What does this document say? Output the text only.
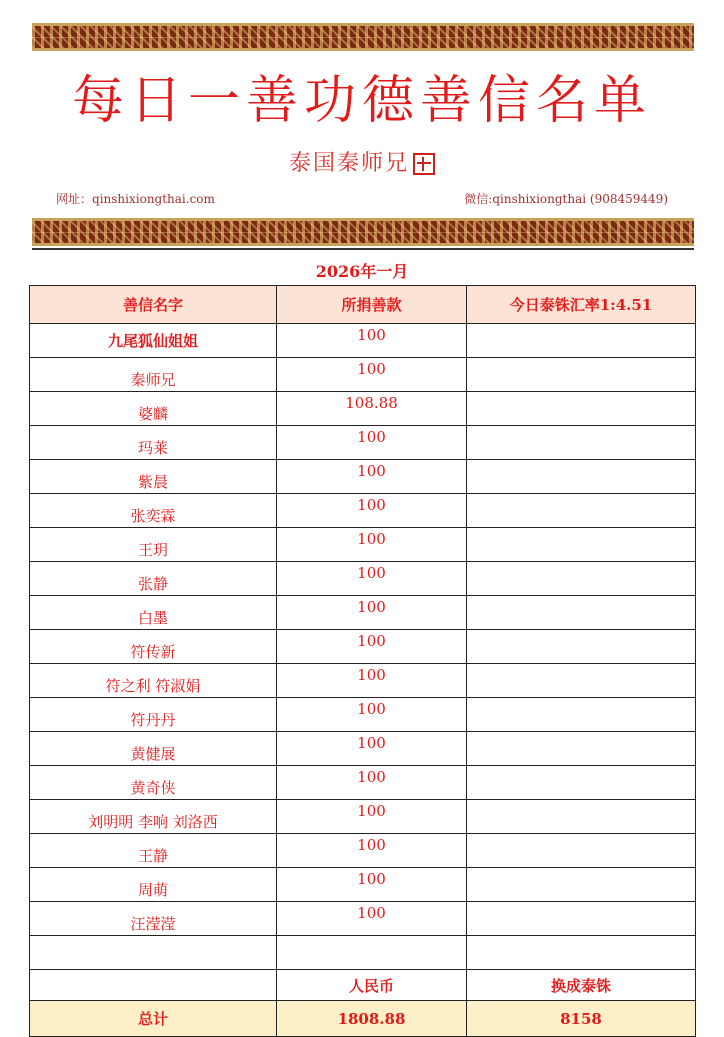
每日一善功德善信名单
泰国秦师兄
网址：qinshixiongthai.com	微信:qinshixiongthai (908459449)
2026年一月
善信名字	所捐善款	今日泰铢汇率1:4.51
九尾狐仙姐姐	100	
秦师兄	100	
婆麟	108.88	
玛莱	100	
紫晨	100	
张奕霖	100	
王玥	100	
张静	100	
白墨	100	
符传新	100	
符之利 符淑娟	100	
符丹丹	100	
黄健展	100	
黄奇侠	100	
刘明明 李响 刘洛西	100	
王静	100	
周萌	100	
汪滢滢	100	

	人民币	换成泰铢
总计	1808.88	8158
